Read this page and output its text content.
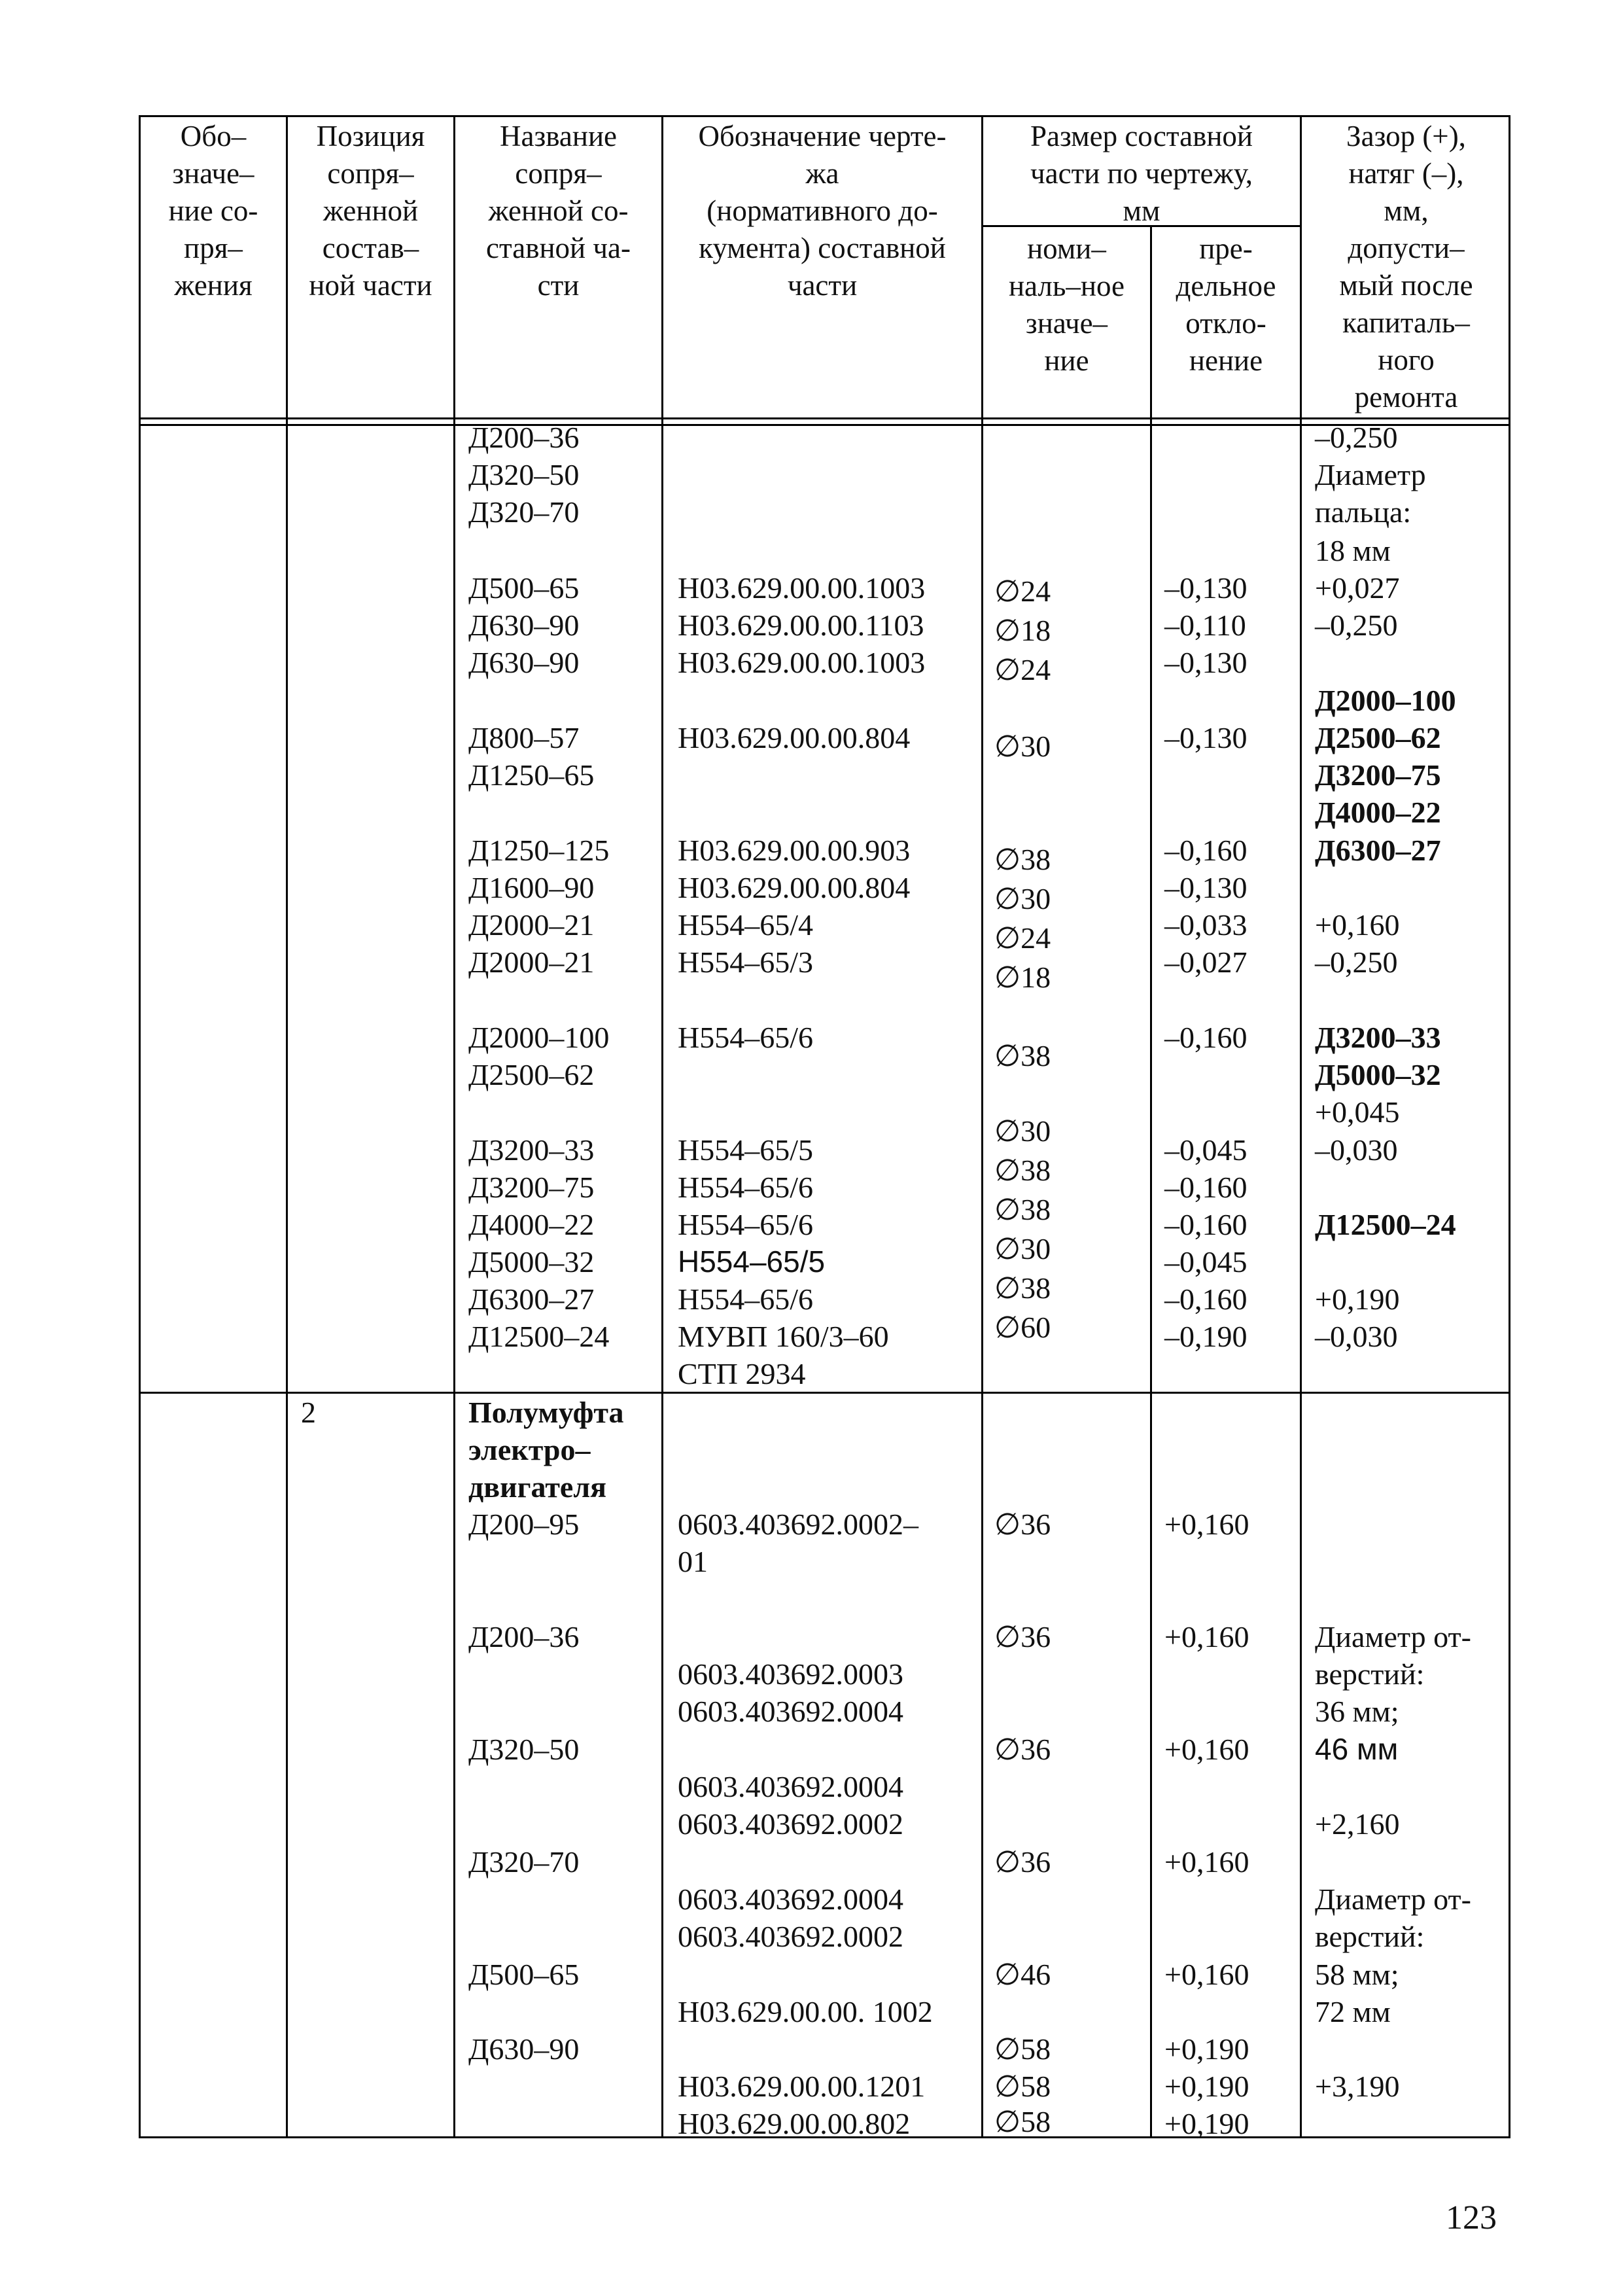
Обо–
значе–
ние со-
пря–
жения
Позиция
сопря–
женной
состав–
ной части
Название
сопря–
женной со-
ставной ча-
сти
Обозначение черте-
жа
(нормативного до-
кумента) составной
части
Размер составной
части по чертежу,
мм
номи–
наль–ное
значе–
ние
пре-
дельное
откло-
нение
Зазор (+),
натяг (–),
мм,
допусти–
мый после
капиталь–
ного
ремонта
Д200–36
Д320–50
Д320–70
Д500–65
Д630–90
Д630–90
Д800–57
Д1250–65
Д1250–125
Д1600–90
Д2000–21
Д2000–21
Д2000–100
Д2500–62
Д3200–33
Д3200–75
Д4000–22
Д5000–32
Д6300–27
Д12500–24
Н03.629.00.00.1003
Н03.629.00.00.1103
Н03.629.00.00.1003
Н03.629.00.00.804
Н03.629.00.00.903
Н03.629.00.00.804
Н554–65/4
Н554–65/3
Н554–65/6
Н554–65/5
Н554–65/6
Н554–65/6
Н554–65/5
Н554–65/6
МУВП 160/3–60
СТП 2934
∅24
∅18
∅24
∅30
∅38
∅30
∅24
∅18
∅38
∅30
∅38
∅38
∅30
∅38
∅60
–0,130
–0,110
–0,130
–0,130
–0,160
–0,130
–0,033
–0,027
–0,160
–0,045
–0,160
–0,160
–0,045
–0,160
–0,190
–0,250
Диаметр
пальца:
18 мм
+0,027
–0,250
Д2000–100
Д2500–62
Д3200–75
Д4000–22
Д6300–27
+0,160
–0,250
Д3200–33
Д5000–32
+0,045
–0,030
Д12500–24
+0,190
–0,030
2	Полумуфта
электро–
двигателя
Д200–95
Д200–36
Д320–50
Д320–70
Д500–65
Д630–90
0603.403692.0002–
01
0603.403692.0003
0603.403692.0004
0603.403692.0004
0603.403692.0002
0603.403692.0004
0603.403692.0002
Н03.629.00.00. 1002
Н03.629.00.00.1201
Н03.629.00.00.802
∅36
∅36
∅36
∅36
∅46
∅58
∅58
∅58
+0,160
+0,160
+0,160
+0,160
+0,160
+0,190
+0,190
+0,190
Диаметр от-
верстий:
36 мм;
46 мм
+2,160
Диаметр от-
верстий:
58 мм;
72 мм
+3,190
123
